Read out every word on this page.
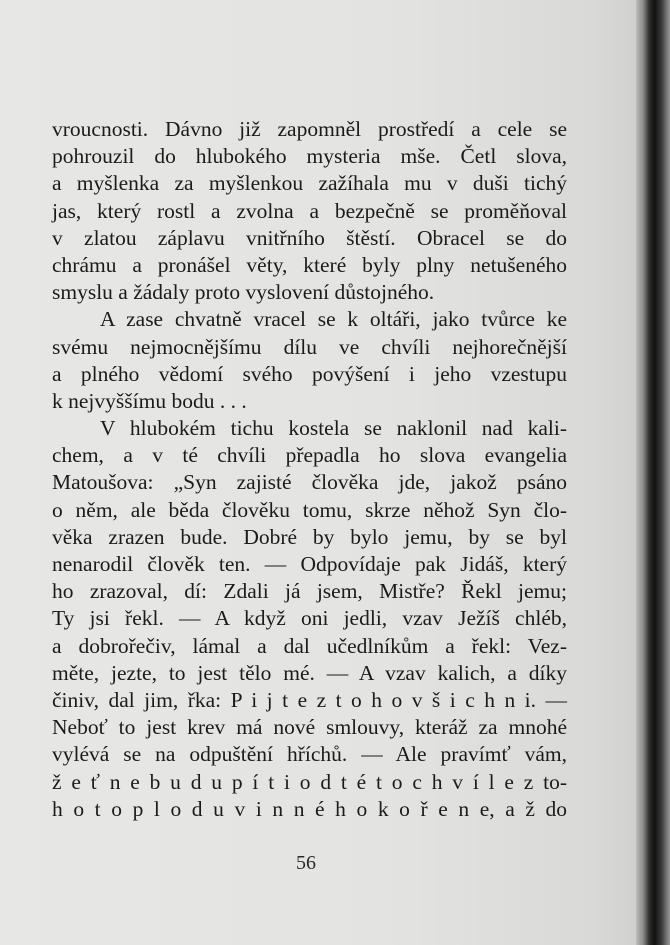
vroucnosti. Dávno již zapomněl prostředí a cele se
pohrouzil do hlubokého mysteria mše. Četl slova,
a myšlenka za myšlenkou zažíhala mu v duši tichý
jas, který rostl a zvolna a bezpečně se proměňoval
v zlatou záplavu vnitřního štěstí. Obracel se do
chrámu a pronášel věty, které byly plny netušeného
smyslu a žádaly proto vyslovení důstojného.
A zase chvatně vracel se k oltáři, jako tvůrce ke
svému nejmocnějšímu dílu ve chvíli nejhorečnější
a plného vědomí svého povýšení i jeho vzestupu
k nejvyššímu bodu . . .
V hlubokém tichu kostela se naklonil nad kali-
chem, a v té chvíli přepadla ho slova evangelia
Matoušova: „Syn zajisté člověka jde, jakož psáno
o něm, ale běda člověku tomu, skrze něhož Syn člo-
věka zrazen bude. Dobré by bylo jemu, by se byl
nenarodil člověk ten. — Odpovídaje pak Jidáš, který
ho zrazoval, dí: Zdali já jsem, Mistře? Řekl jemu;
Ty jsi řekl. — A když oni jedli, vzav Ježíš chléb,
a dobrořečiv, lámal a dal učedlníkům a řekl: Vez-
měte, jezte, to jest tělo mé. — A vzav kalich, a díky
činiv, dal jim, řka: P i j t e z t o h o v š i c h n i. —
Neboť to jest krev má nové smlouvy, kteráž za mnohé
vylévá se na odpuštění hříchů. — Ale pravímť vám,
ž e ť n e b u d u p í t i o d t é t o c h v í l e z to-
h o t o p l o d u v i n n é h o k o ř e n e, a ž do
56
